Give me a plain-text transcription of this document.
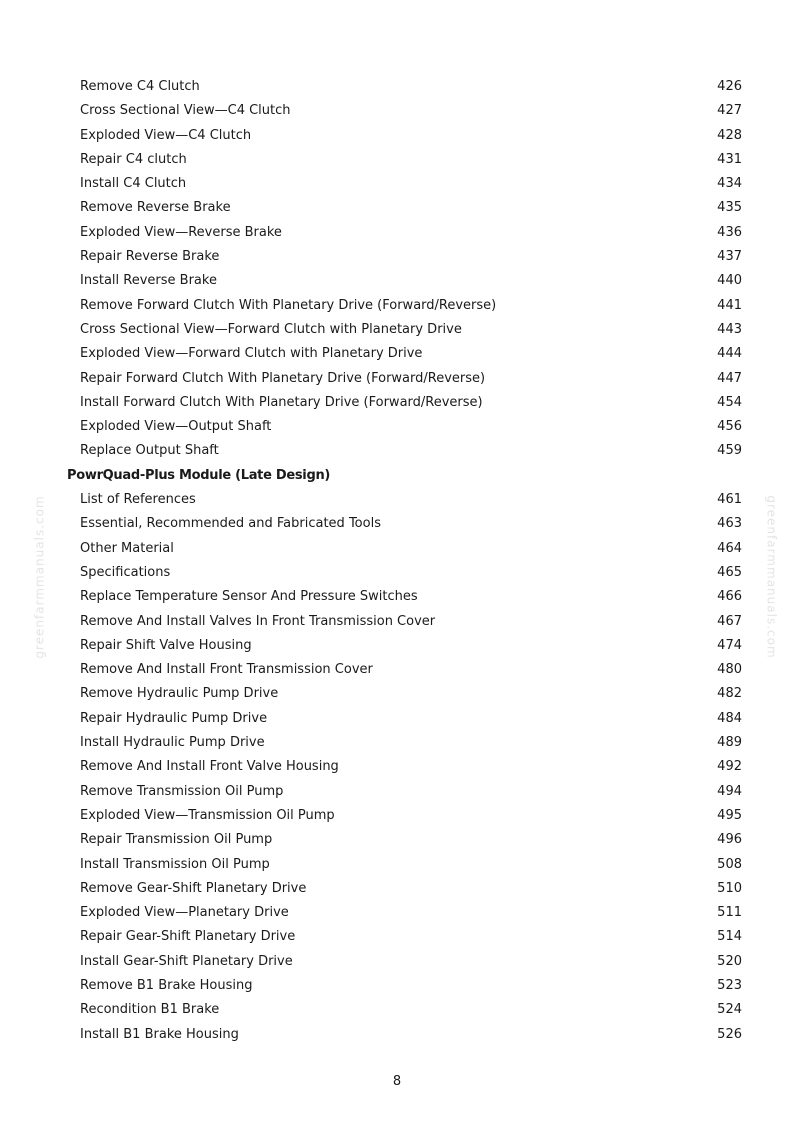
Remove C4 Clutch	426
Cross Sectional View—C4 Clutch	427
Exploded View—C4 Clutch	428
Repair C4 clutch	431
Install C4 Clutch	434
Remove Reverse Brake	435
Exploded View—Reverse Brake	436
Repair Reverse Brake	437
Install Reverse Brake	440
Remove Forward Clutch With Planetary Drive (Forward/Reverse)	441
Cross Sectional View—Forward Clutch with Planetary Drive	443
Exploded View—Forward Clutch with Planetary Drive	444
Repair Forward Clutch With Planetary Drive (Forward/Reverse)	447
Install Forward Clutch With Planetary Drive (Forward/Reverse)	454
Exploded View—Output Shaft	456
Replace Output Shaft	459
PowrQuad-Plus Module (Late Design)
List of References	461
Essential, Recommended and Fabricated Tools	463
Other Material	464
Specifications	465
Replace Temperature Sensor And Pressure Switches	466
Remove And Install Valves In Front Transmission Cover	467
Repair Shift Valve Housing	474
Remove And Install Front Transmission Cover	480
Remove Hydraulic Pump Drive	482
Repair Hydraulic Pump Drive	484
Install Hydraulic Pump Drive	489
Remove And Install Front Valve Housing	492
Remove Transmission Oil Pump	494
Exploded View—Transmission Oil Pump	495
Repair Transmission Oil Pump	496
Install Transmission Oil Pump	508
Remove Gear-Shift Planetary Drive	510
Exploded View—Planetary Drive	511
Repair Gear-Shift Planetary Drive	514
Install Gear-Shift Planetary Drive	520
Remove B1 Brake Housing	523
Recondition B1 Brake	524
Install B1 Brake Housing	526
greenfarmmanuals.com	greenfarmmanuals.com
8
